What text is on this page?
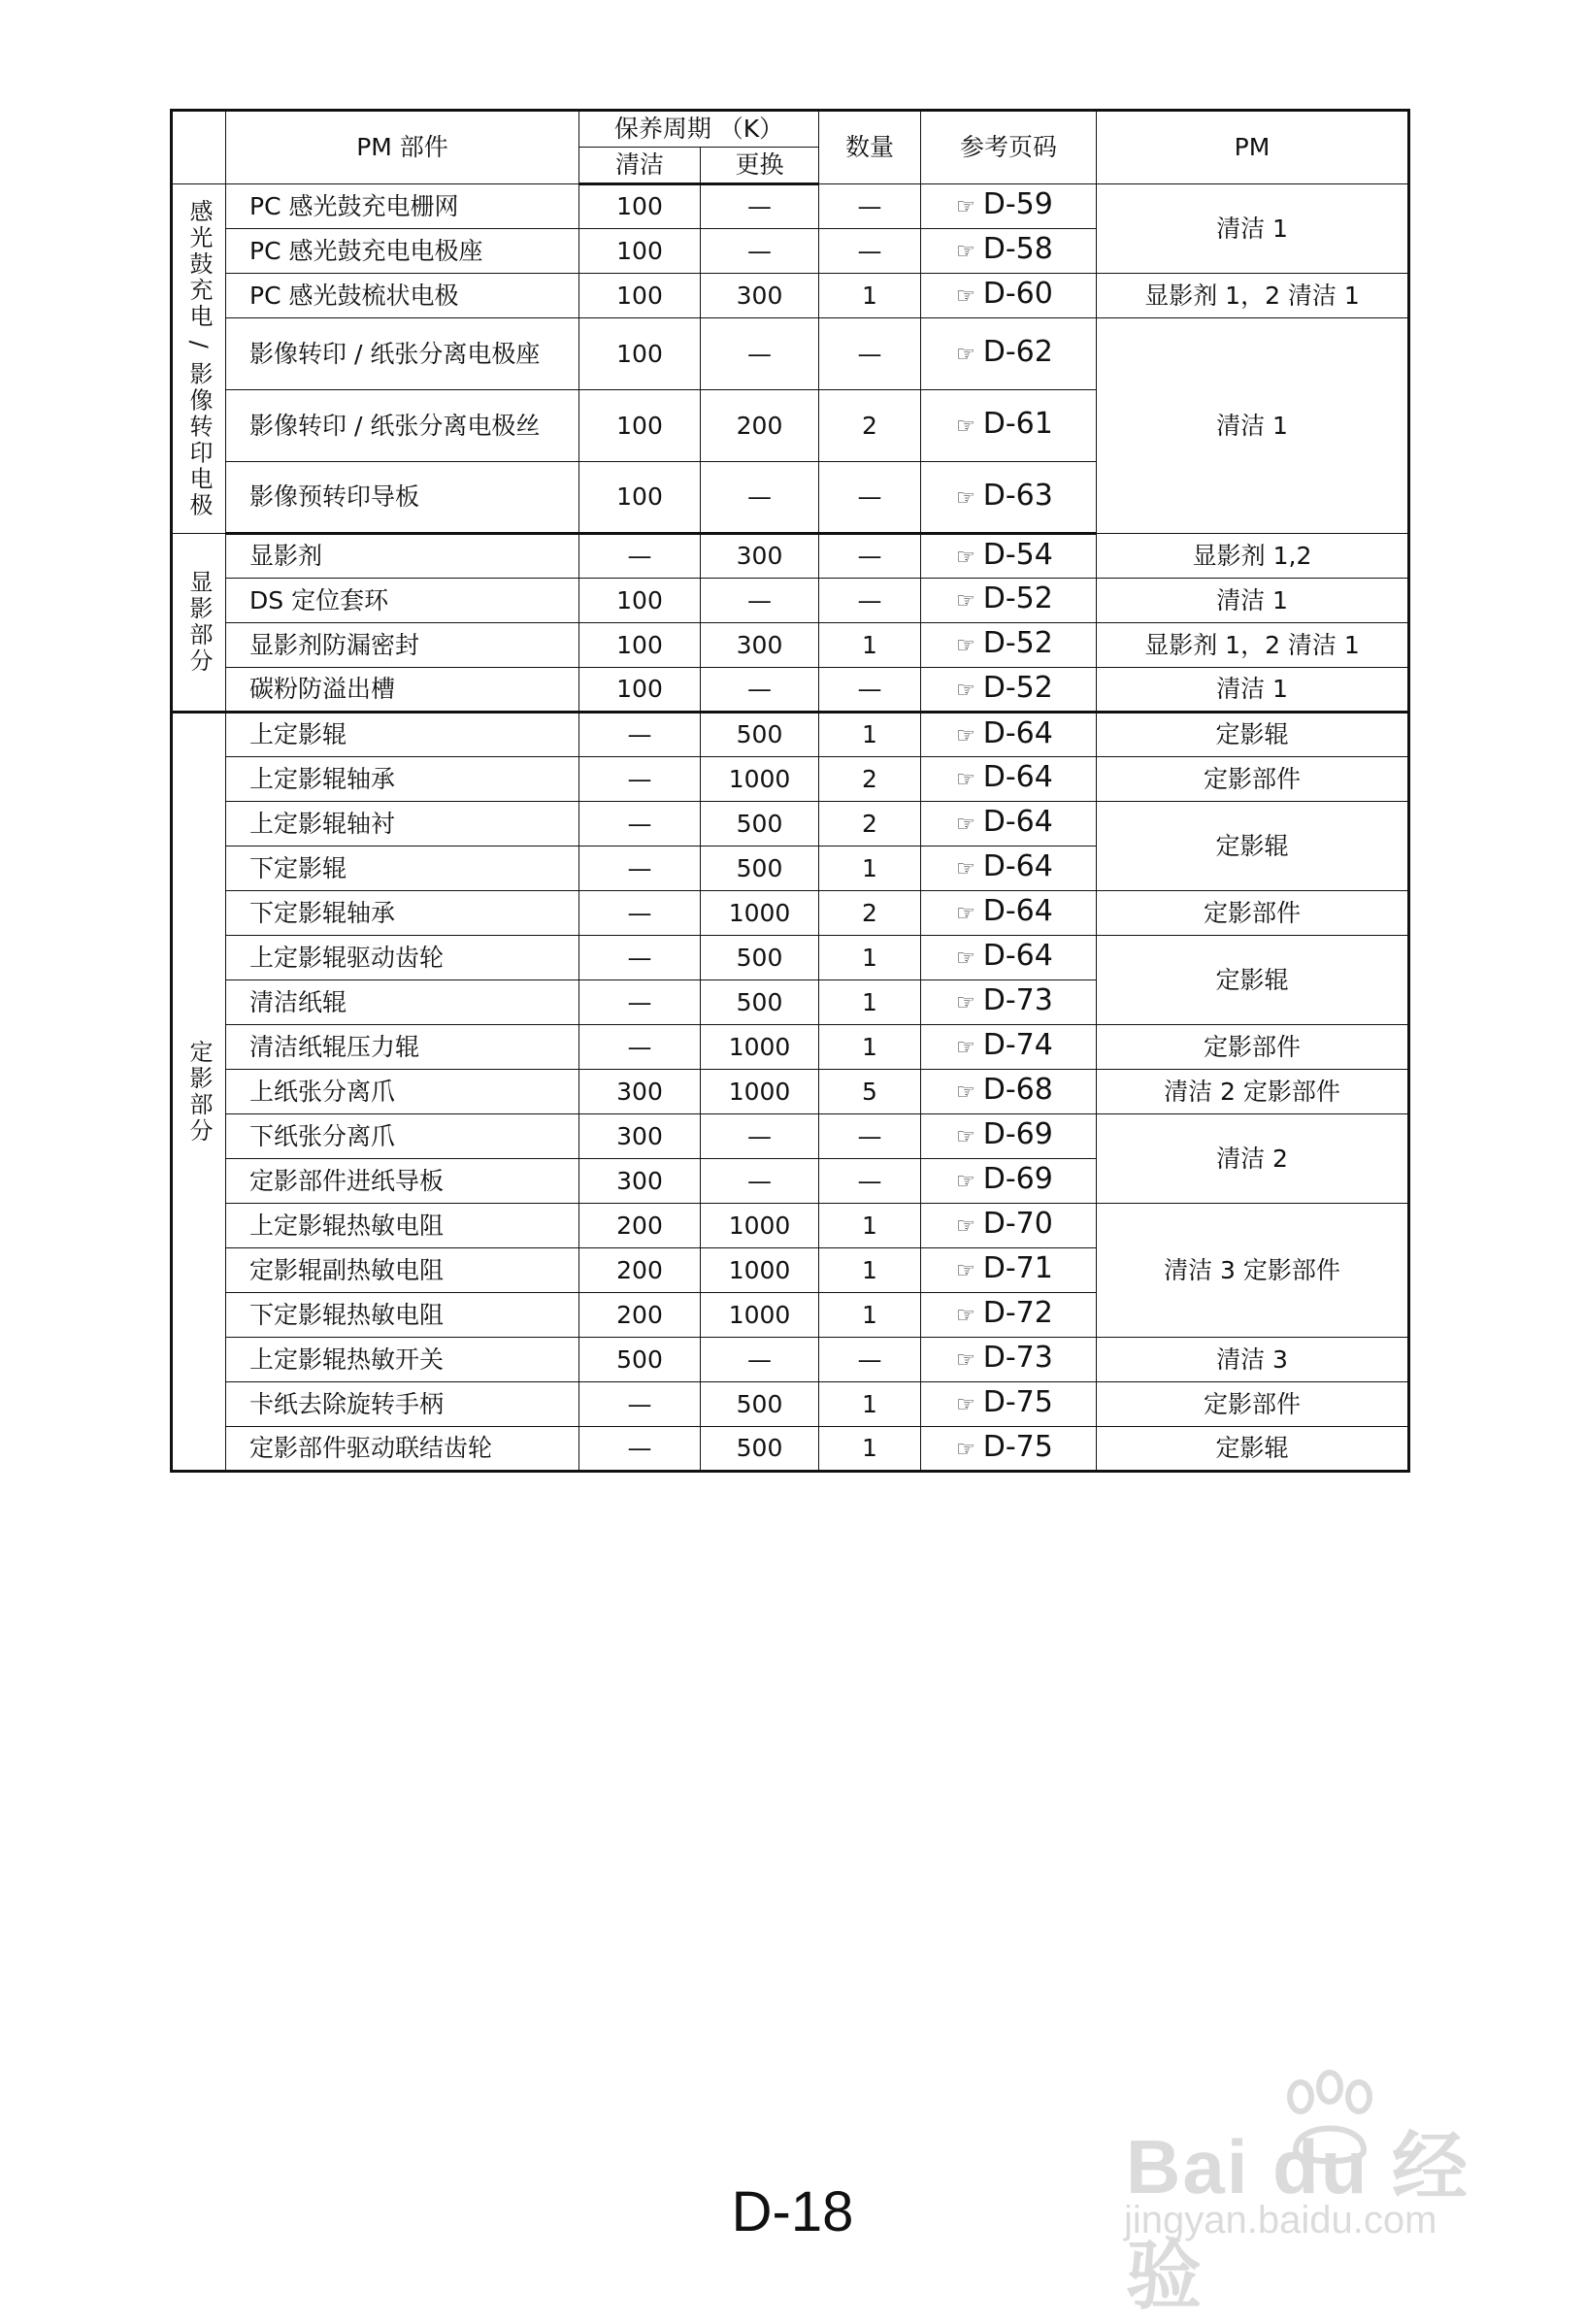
	PM 部件	保养周期 （K）		数量	参考页码	PM
		清洁	更换			
感光鼓充电 / 影像转印电极	PC 感光鼓充电栅网	100	—	—	☞ D-59	清洁 1
	PC 感光鼓充电电极座	100	—	—	☞ D-58	
	PC 感光鼓梳状电极	100	300	1	☞ D-60	显影剂 1，2 清洁 1
	影像转印 / 纸张分离电极座	100	—	—	☞ D-62	清洁 1
	影像转印 / 纸张分离电极丝	100	200	2	☞ D-61	
	影像预转印导板	100	—	—	☞ D-63	
显影部分	显影剂	—	300	—	☞ D-54	显影剂 1,2
	DS 定位套环	100	—	—	☞ D-52	清洁 1
	显影剂防漏密封	100	300	1	☞ D-52	显影剂 1，2 清洁 1
	碳粉防溢出槽	100	—	—	☞ D-52	清洁 1
定影部分	上定影辊	—	500	1	☞ D-64	定影辊
	上定影辊轴承	—	1000	2	☞ D-64	定影部件
	上定影辊轴衬	—	500	2	☞ D-64	定影辊
	下定影辊	—	500	1	☞ D-64	
	下定影辊轴承	—	1000	2	☞ D-64	定影部件
	上定影辊驱动齿轮	—	500	1	☞ D-64	定影辊
	清洁纸辊	—	500	1	☞ D-73	
	清洁纸辊压力辊	—	1000	1	☞ D-74	定影部件
	上纸张分离爪	300	1000	5	☞ D-68	清洁 2 定影部件
	下纸张分离爪	300	—	—	☞ D-69	清洁 2
	定影部件进纸导板	300	—	—	☞ D-69	
	上定影辊热敏电阻	200	1000	1	☞ D-70	清洁 3 定影部件
	定影辊副热敏电阻	200	1000	1	☞ D-71	
	下定影辊热敏电阻	200	1000	1	☞ D-72	
	上定影辊热敏开关	500	—	—	☞ D-73	清洁 3
	卡纸去除旋转手柄	—	500	1	☞ D-75	定影部件
	定影部件驱动联结齿轮	—	500	1	☞ D-75	定影辊
D-18
Bai du 经验
jingyan.baidu.com
